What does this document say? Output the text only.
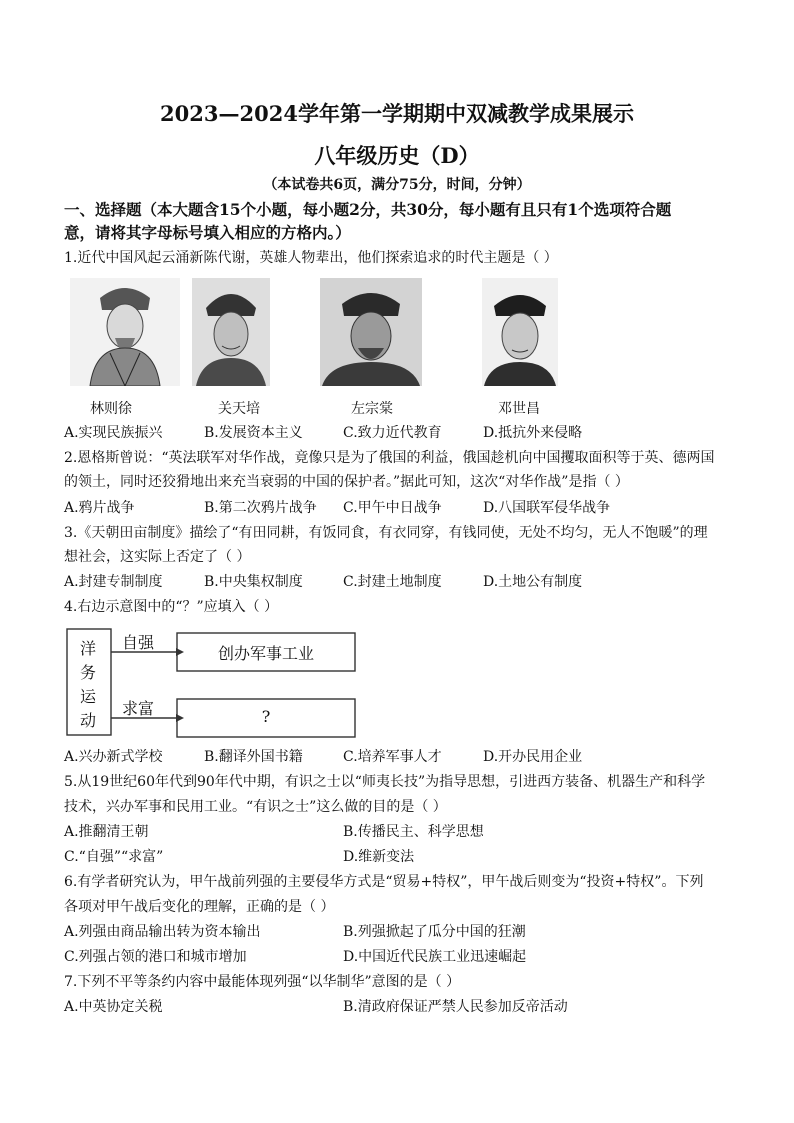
2023—2024学年第一学期期中双减教学成果展示
八年级历史（D）
（本试卷共6页，满分75分，时间，分钟）
一、选择题（本大题含15个小题，每小题2分，共30分，每小题有且只有1个选项符合题
意，请将其字母标号填入相应的方格内。）
1.近代中国风起云涌新陈代谢，英雄人物辈出，他们探索追求的时代主题是（ ）
林则徐	关天培	左宗棠	邓世昌
A.实现民族振兴	B.发展资本主义	C.致力近代教育	D.抵抗外来侵略
2.恩格斯曾说：“英法联军对华作战，竟像只是为了俄国的利益，俄国趁机向中国攫取面积等于英、德两国
的领土，同时还狡猾地出来充当衰弱的中国的保护者。”据此可知，这次“对华作战”是指（ ）
A.鸦片战争	B.第二次鸦片战争 C.甲午中日战争	D.八国联军侵华战争
3.《天朝田亩制度》描绘了“有田同耕，有饭同食，有衣同穿，有钱同使，无处不均匀，无人不饱暖”的理
想社会，这实际上否定了（ ）
A.封建专制制度	B.中央集权制度	C.封建土地制度	D.土地公有制度
4.右边示意图中的“？”应填入（ ）
洋
务
运
动
自强
创办军事工业
求富	?
A.兴办新式学校	B.翻译外国书籍	C.培养军事人才	D.开办民用企业
5.从19世纪60年代到90年代中期，有识之士以“师夷长技”为指导思想，引进西方装备、机器生产和科学
技术，兴办军事和民用工业。“有识之士”这么做的目的是（ ）
A.推翻清王朝	B.传播民主、科学思想
C.“自强”“求富”	D.维新变法
6.有学者研究认为，甲午战前列强的主要侵华方式是“贸易+特权”，甲午战后则变为“投资+特权”。下列
各项对甲午战后变化的理解，正确的是（ ）
A.列强由商品输出转为资本输出	B.列强掀起了瓜分中国的狂潮
C.列强占领的港口和城市增加	D.中国近代民族工业迅速崛起
7.下列不平等条约内容中最能体现列强“以华制华”意图的是（ ）
A.中英协定关税	B.清政府保证严禁人民参加反帝活动
